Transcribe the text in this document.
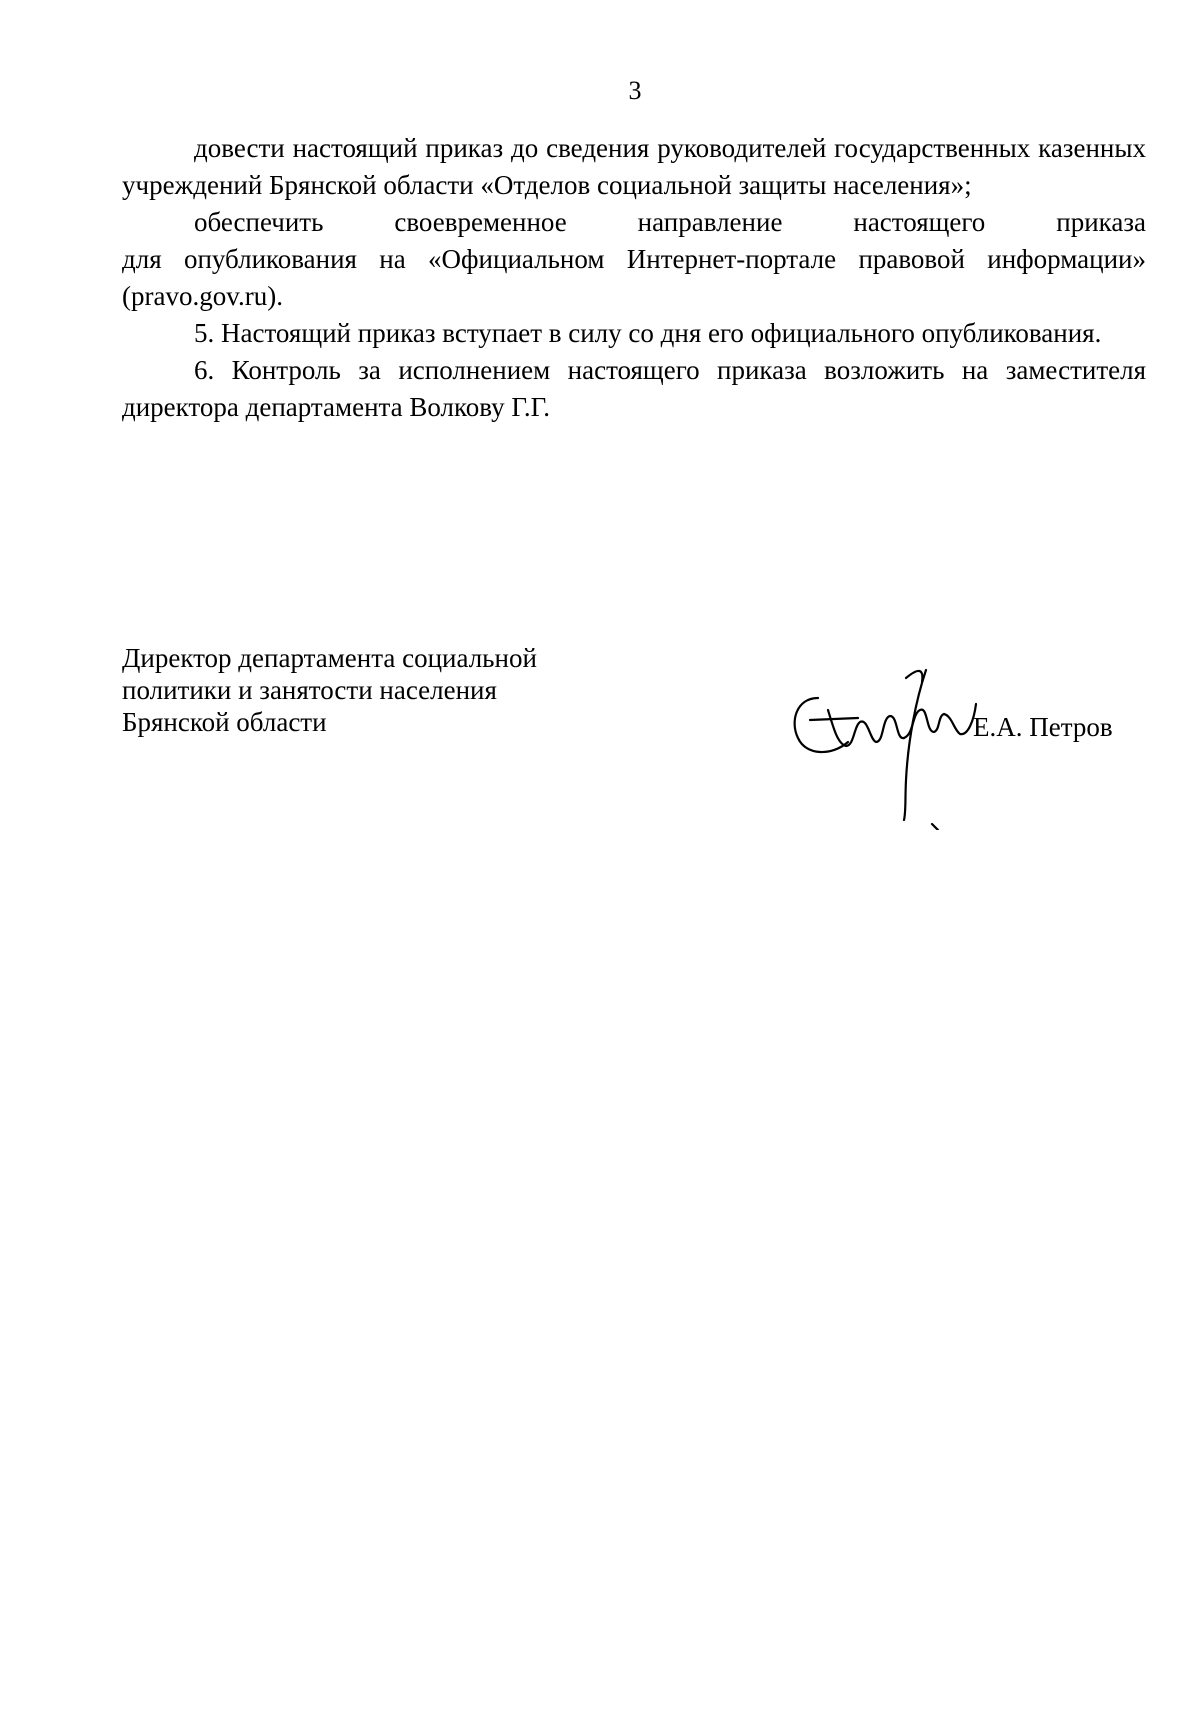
3

довести настоящий приказ до сведения руководителей государственных казенных учреждений Брянской области «Отделов социальной защиты населения»;

обеспечить своевременное направление настоящего приказа

для опубликования на «Официальном Интернет-портале правовой информации» (pravo.gov.ru).

5. Настоящий приказ вступает в силу со дня его официального опубликования.

6. Контроль за исполнением настоящего приказа возложить на заместителя директора департамента Волкову Г.Г.

Директор департамента социальной
политики и занятости населения
Брянской области	Е.А. Петров
